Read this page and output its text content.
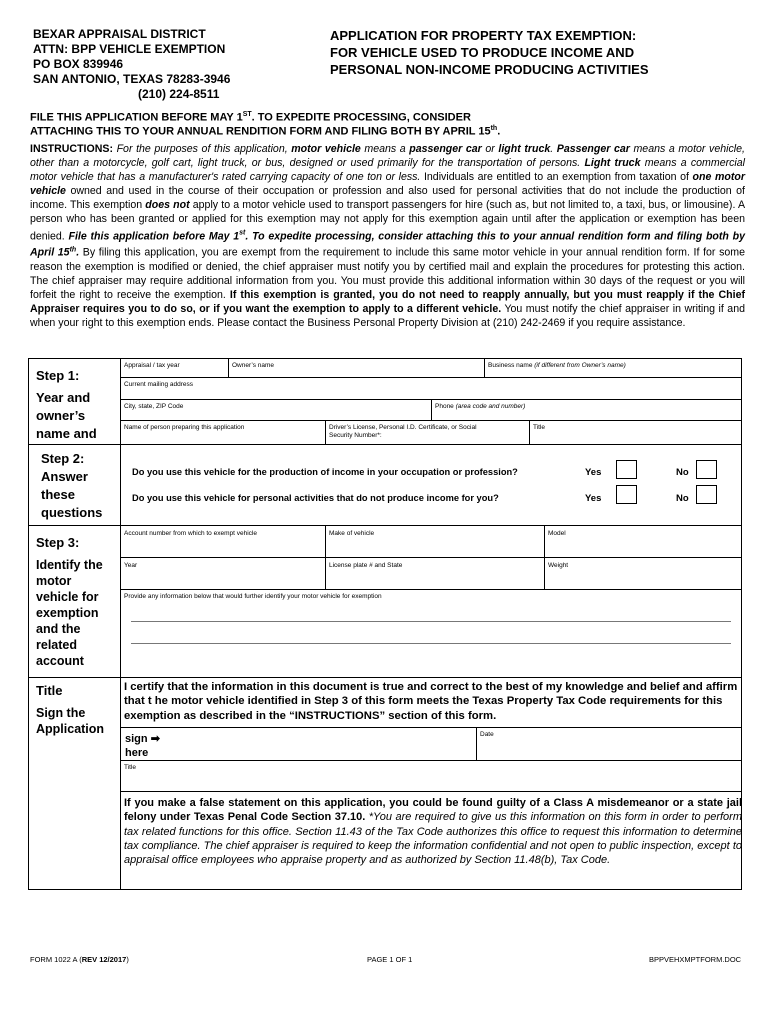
BEXAR APPRAISAL DISTRICT
ATTN: BPP VEHICLE EXEMPTION
PO BOX 839946
SAN ANTONIO, TEXAS 78283-3946
(210) 224-8511
APPLICATION FOR PROPERTY TAX EXEMPTION:
FOR VEHICLE USED TO PRODUCE INCOME AND
PERSONAL NON-INCOME PRODUCING ACTIVITIES
FILE THIS APPLICATION BEFORE MAY 1ST. TO EXPEDITE PROCESSING, CONSIDER
ATTACHING THIS TO YOUR ANNUAL RENDITION FORM AND FILING BOTH BY APRIL 15th.
INSTRUCTIONS: For the purposes of this application, motor vehicle means a passenger car or light truck. Passenger car means a motor vehicle, other than a motorcycle, golf cart, light truck, or bus, designed or used primarily for the transportation of persons. Light truck means a commercial motor vehicle that has a manufacturer's rated carrying capacity of one ton or less. Individuals are entitled to an exemption from taxation of one motor vehicle owned and used in the course of their occupation or profession and also used for personal activities that do not include the production of income. This exemption does not apply to a motor vehicle used to transport passengers for hire (such as, but not limited to, a taxi, bus, or limousine). A person who has been granted or applied for this exemption may not apply for this exemption again until after the application or exemption has been denied. File this application before May 1st. To expedite processing, consider attaching this to your annual rendition form and filing both by April 15th. By filing this application, you are exempt from the requirement to include this same motor vehicle in your annual rendition form. If for some reason the exemption is modified or denied, the chief appraiser must notify you by certified mail and explain the procedures for protesting this action. The chief appraiser may require additional information from you. You must provide this additional information within 30 days of the request or you will forfeit the right to receive the exemption. If this exemption is granted, you do not need to reapply annually, but you must reapply if the Chief Appraiser requires you to do so, or if you want the exemption to apply to a different vehicle. You must notify the chief appraiser in writing if and when your right to this exemption ends. Please contact the Business Personal Property Division at (210) 242-2469 if you require assistance.
Step 1:
Year and
owner’s
name and
Appraisal / tax year	Owner’s name	Business name (if different from Owner’s name)
Current mailing address
City, state, ZIP Code	Phone (area code and number)
Name of person preparing this application	Driver’s License, Personal I.D. Certificate, or Social
Security Number*:
Title
Step 2:
Answer
these
questions
Do you use this vehicle for the production of income in your occupation or profession?
Do you use this vehicle for personal activities that do not produce income for you?
Yes	No
Yes	No
Step 3:
Identify the
motor
vehicle for
exemption
and the
related
account
Account number from which to exempt vehicle	Make of vehicle	Model
Year	License plate # and State	Weight
Provide any information below that would further identify your motor vehicle for exemption
Title
Sign the
Application
I certify that the information in this document is true and correct to the best of my knowledge and belief and affirm that t he motor vehicle identified in Step 3 of this form meets the Texas Property Tax Code requirements for this exemption as described in the “INSTRUCTIONS” section of this form.
sign ➡
here
Date
Title
If you make a false statement on this application, you could be found guilty of a Class A misdemeanor or a state jail felony under Texas Penal Code Section 37.10. *You are required to give us this information on this form in order to perform tax related functions for this office. Section 11.43 of the Tax Code authorizes this office to request this information to determine tax compliance. The chief appraiser is required to keep the information confidential and not open to public inspection, except to appraisal office employees who appraise property and as authorized by Section 11.48(b), Tax Code.
FORM 1022 A (REV 12/2017)	PAGE 1 OF 1	BPPVEHXMPTFORM.DOC
